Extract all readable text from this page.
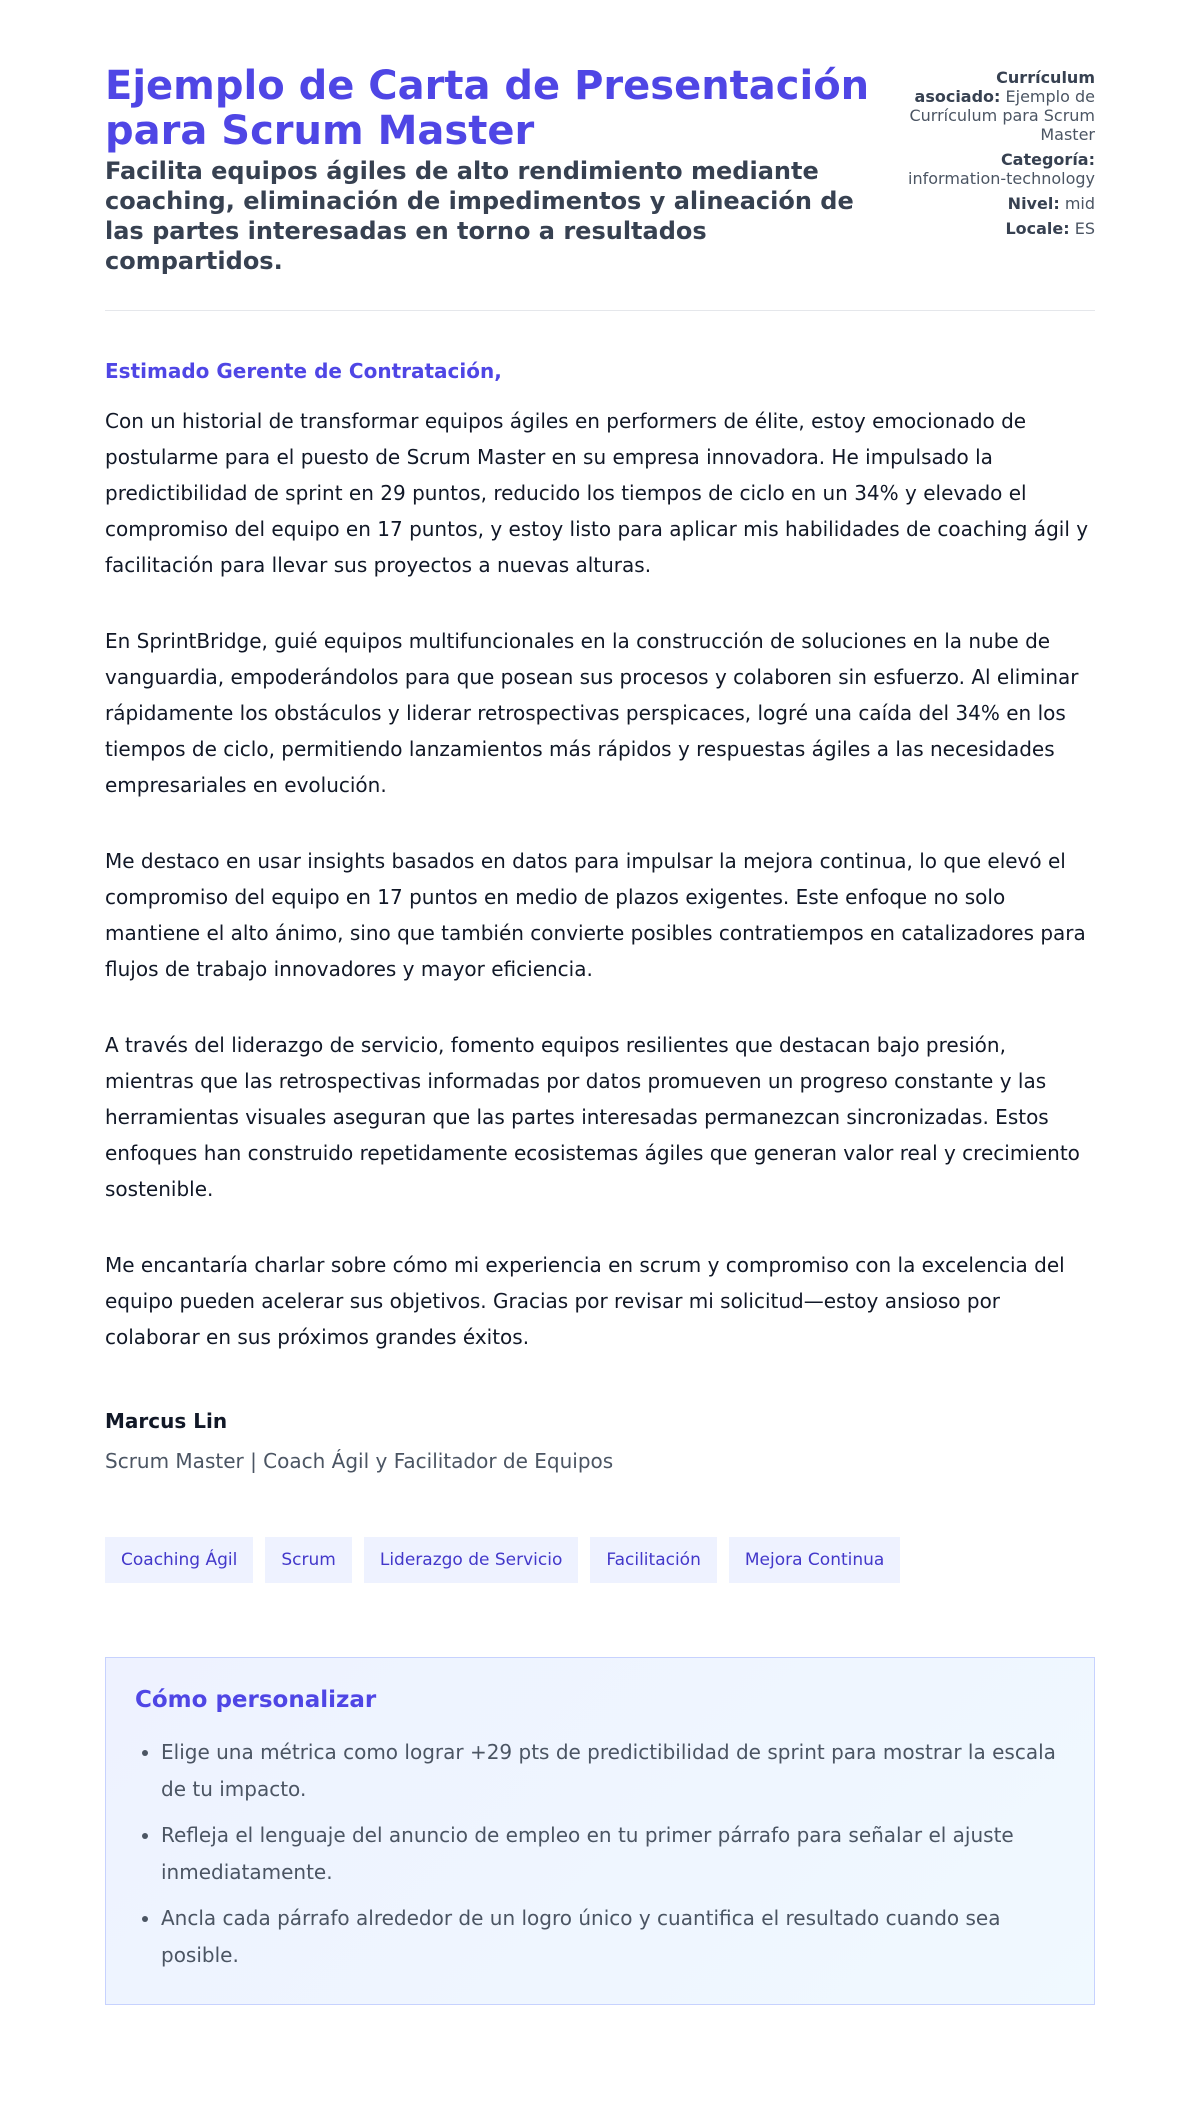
Ejemplo de Carta de Presentación para Scrum Master
Facilita equipos ágiles de alto rendimiento mediante coaching, eliminación de impedimentos y alineación de las partes interesadas en torno a resultados compartidos.
Currículum asociado: Ejemplo de Currículum para Scrum Master
Categoría: information-technology
Nivel: mid
Locale: ES

Estimado Gerente de Contratación,

Con un historial de transformar equipos ágiles en performers de élite, estoy emocionado de postularme para el puesto de Scrum Master en su empresa innovadora. He impulsado la predictibilidad de sprint en 29 puntos, reducido los tiempos de ciclo en un 34% y elevado el compromiso del equipo en 17 puntos, y estoy listo para aplicar mis habilidades de coaching ágil y facilitación para llevar sus proyectos a nuevas alturas.

En SprintBridge, guié equipos multifuncionales en la construcción de soluciones en la nube de vanguardia, empoderándolos para que posean sus procesos y colaboren sin esfuerzo. Al eliminar rápidamente los obstáculos y liderar retrospectivas perspicaces, logré una caída del 34% en los tiempos de ciclo, permitiendo lanzamientos más rápidos y respuestas ágiles a las necesidades empresariales en evolución.

Me destaco en usar insights basados en datos para impulsar la mejora continua, lo que elevó el compromiso del equipo en 17 puntos en medio de plazos exigentes. Este enfoque no solo mantiene el alto ánimo, sino que también convierte posibles contratiempos en catalizadores para flujos de trabajo innovadores y mayor eficiencia.

A través del liderazgo de servicio, fomento equipos resilientes que destacan bajo presión, mientras que las retrospectivas informadas por datos promueven un progreso constante y las herramientas visuales aseguran que las partes interesadas permanezcan sincronizadas. Estos enfoques han construido repetidamente ecosistemas ágiles que generan valor real y crecimiento sostenible.

Me encantaría charlar sobre cómo mi experiencia en scrum y compromiso con la excelencia del equipo pueden acelerar sus objetivos. Gracias por revisar mi solicitud—estoy ansioso por colaborar en sus próximos grandes éxitos.

Marcus Lin

Scrum Master | Coach Ágil y Facilitador de Equipos

Coaching Ágil	Scrum	Liderazgo de Servicio	Facilitación	Mejora Continua
Cómo personalizar
• Elige una métrica como lograr +29 pts de predictibilidad de sprint para mostrar la escala de tu impacto.
• Refleja el lenguaje del anuncio de empleo en tu primer párrafo para señalar el ajuste inmediatamente.
• Ancla cada párrafo alrededor de un logro único y cuantifica el resultado cuando sea posible.
